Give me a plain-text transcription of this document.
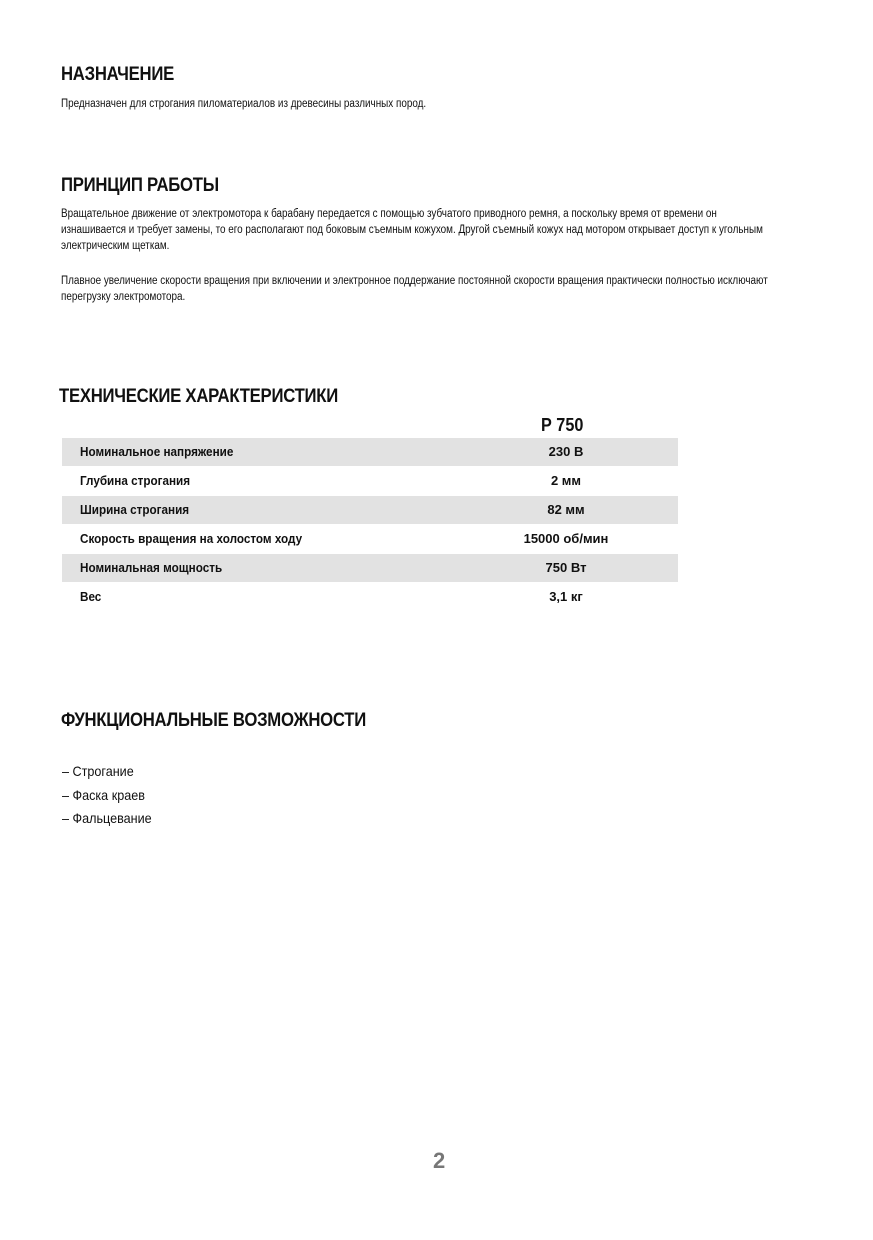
НАЗНАЧЕНИЕ

Предназначен для строгания пиломатериалов из древесины различных пород.

ПРИНЦИП РАБОТЫ

Вращательное движение от электромотора к барабану передается с помощью зубчатого приводного ремня, а поскольку время от времени он изнашивается и требует замены, то его располагают под боковым съемным кожухом. Другой съемный кожух над мотором открывает доступ к угольным электрическим щеткам.

Плавное увеличение скорости вращения при включении и электронное поддержание постоянной скорости вращения практически полностью исключают перегрузку электромотора.

ТЕХНИЧЕСКИЕ ХАРАКТЕРИСТИКИ
Р 750
Номинальное напряжение	230 В
Глубина строгания	2 мм
Ширина строгания	82 мм
Скорость вращения на холостом ходу	15000 об/мин
Номинальная мощность	750 Вт
Вес	3,1 кг
ФУНКЦИОНАЛЬНЫЕ ВОЗМОЖНОСТИ
– Строгание
– Фаска краев
– Фальцевание
2
